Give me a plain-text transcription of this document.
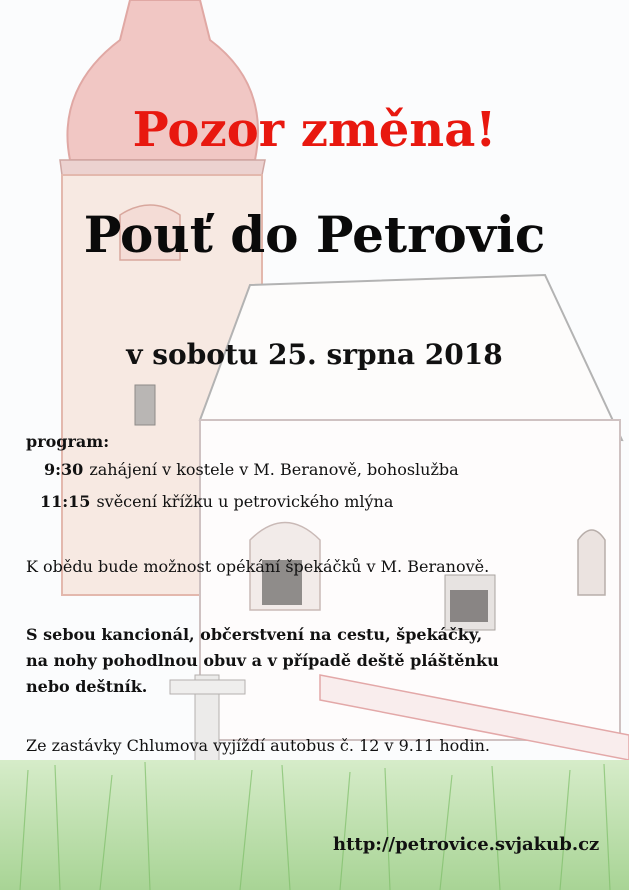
Pozor změna!
Pouť do Petrovic
v sobotu 25. srpna 2018
program:
9:30 zahájení v kostele v M. Beranově, bohoslužba
11:15 svěcení křížku u petrovického mlýna
K obědu bude možnost opékání špekáčků v M. Beranově.
S sebou kancionál, občerstvení na cestu, špekáčky,
na nohy pohodlnou obuv a v případě deště pláštěnku
nebo deštník.
Ze zastávky Chlumova vyjíždí autobus č. 12 v 9.11 hodin.
http://petrovice.svjakub.cz
